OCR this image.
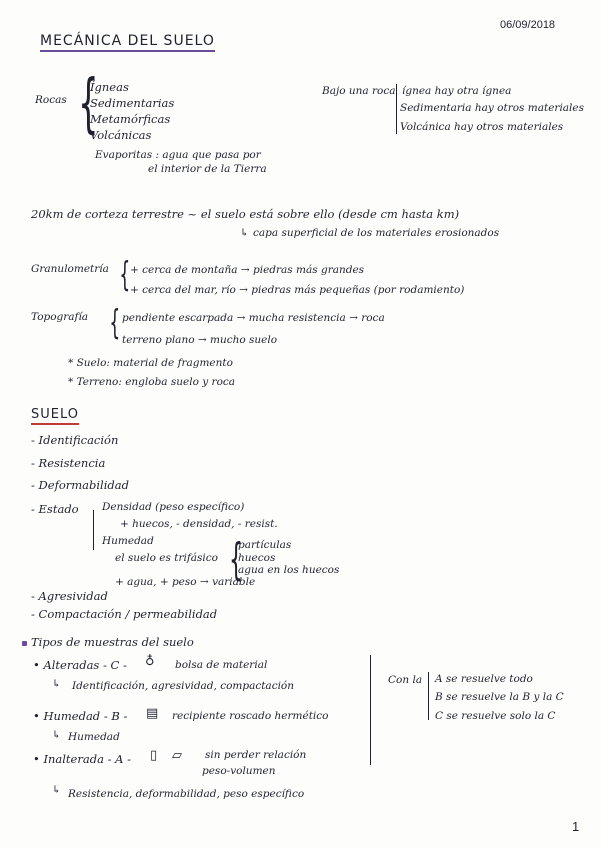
06/09/2018
MECÁNICA DEL SUELO
Rocas {
Ígneas
Sedimentarias
Metamórficas
Volcánicas
Evaporitas : agua que pasa por
el interior de la Tierra
Bajo una roca ígnea hay otra ígnea
Sedimentaria hay otros materiales
Volcánica hay otros materiales
20km de corteza terrestre ~ el suelo está sobre ello (desde cm hasta km)
↳ capa superficial de los materiales erosionados
Granulometría { + cerca de montaña → piedras más grandes
+ cerca del mar, río → piedras más pequeñas (por rodamiento)
Topografía { pendiente escarpada → mucha resistencia → roca
terreno plano → mucho suelo
* Suelo: material de fragmento
* Terreno: engloba suelo y roca
SUELO
- Identificación
- Resistencia
- Deformabilidad
- Estado Densidad (peso específico)
+ huecos, - densidad, - resist.
Humedad
el suelo es trifásico {
partículas
huecos
agua en los huecos
+ agua, + peso → variable
- Agresividad
- Compactación / permeabilidad
Tipos de muestras del suelo
• Alteradas - C - ♁ bolsa de material
↳ Identificación, agresividad, compactación
• Humedad - B - ▤ recipiente roscado hermético
↳ Humedad
• Inalterada - A - ▯ ▱ sin perder relación
peso-volumen
↳ Resistencia, deformabilidad, peso específico
Con la A se resuelve todo
B se resuelve la B y la C
C se resuelve solo la C
1
